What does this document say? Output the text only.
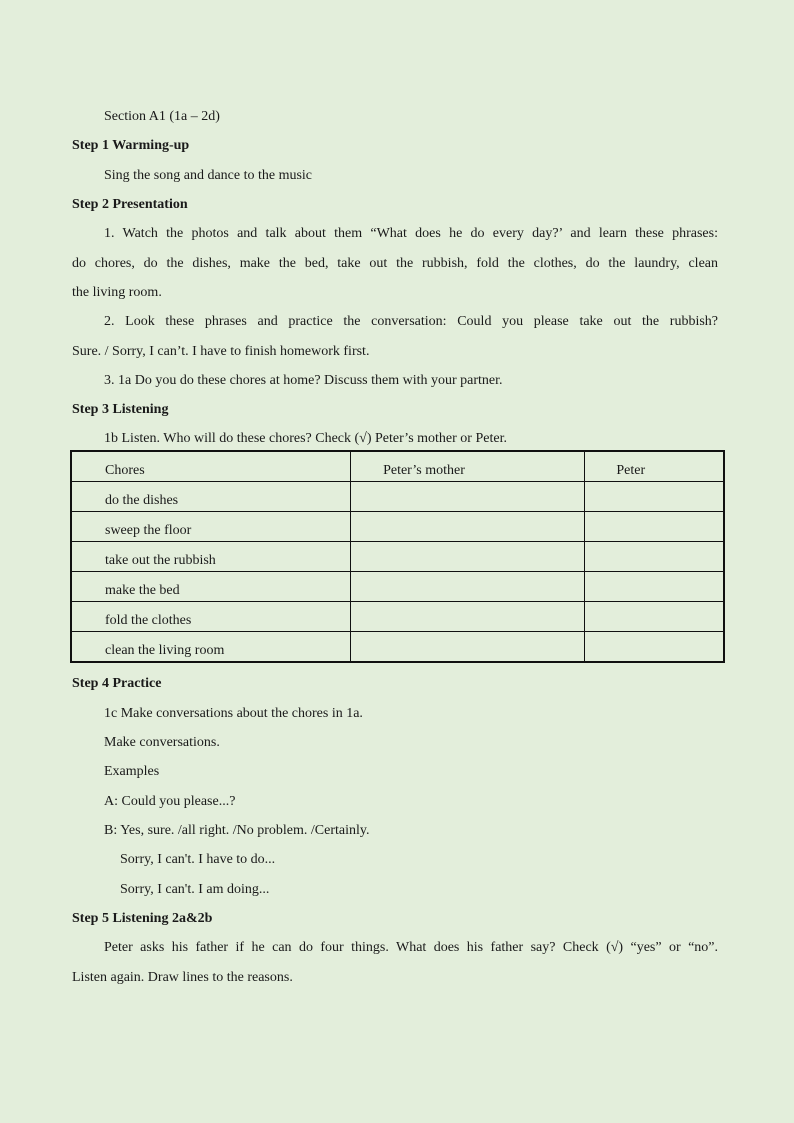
Section A1 (1a – 2d)
Step 1 Warming-up
Sing the song and dance to the music
Step 2 Presentation
1. Watch the photos and talk about them “What does he do every day?’ and learn these phrases:
do chores, do the dishes, make the bed, take out the rubbish, fold the clothes, do the laundry, clean
the living room.
2. Look these phrases and practice the conversation: Could you please take out the rubbish?
Sure. / Sorry, I can’t. I have to finish homework first.
3. 1a Do you do these chores at home? Discuss them with your partner.
Step 3 Listening
1b Listen. Who will do these chores? Check (√) Peter’s mother or Peter.
Chores	Peter’s mother	Peter

do the dishes		

sweep the floor		

take out the rubbish		

make the bed		

fold the clothes		

clean the living room		

Step 4 Practice
1c Make conversations about the chores in 1a.
Make conversations.
Examples
A: Could you please...?
B: Yes, sure. /all right. /No problem. /Certainly.
Sorry, I can't. I have to do...
Sorry, I can't. I am doing...
Step 5 Listening 2a&2b
Peter asks his father if he can do four things. What does his father say? Check (√) “yes” or “no”.
Listen again. Draw lines to the reasons.
